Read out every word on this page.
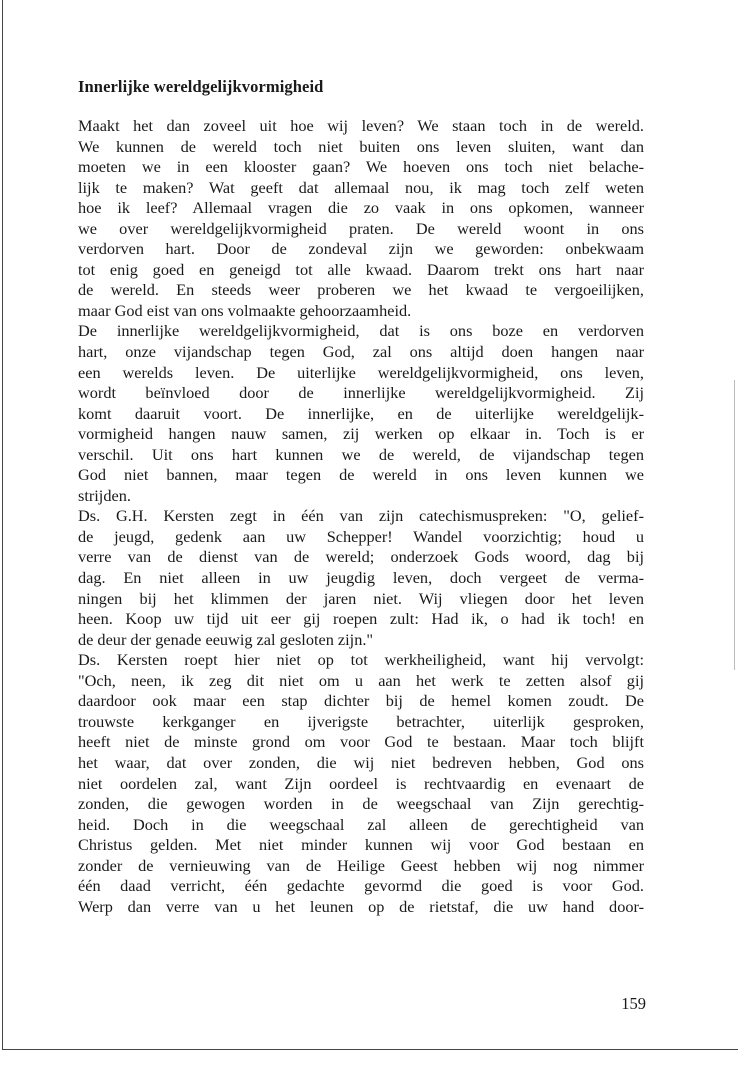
Innerlijke wereldgelijkvormigheid
Maakt het dan zoveel uit hoe wij leven? We staan toch in de wereld.
We kunnen de wereld toch niet buiten ons leven sluiten, want dan
moeten we in een klooster gaan? We hoeven ons toch niet belache-
lijk te maken? Wat geeft dat allemaal nou, ik mag toch zelf weten
hoe ik leef? Allemaal vragen die zo vaak in ons opkomen, wanneer
we over wereldgelijkvormigheid praten. De wereld woont in ons
verdorven hart. Door de zondeval zijn we geworden: onbekwaam
tot enig goed en geneigd tot alle kwaad. Daarom trekt ons hart naar
de wereld. En steeds weer proberen we het kwaad te vergoeilijken,
maar God eist van ons volmaakte gehoorzaamheid.
De innerlijke wereldgelijkvormigheid, dat is ons boze en verdorven
hart, onze vijandschap tegen God, zal ons altijd doen hangen naar
een werelds leven. De uiterlijke wereldgelijkvormigheid, ons leven,
wordt beïnvloed door de innerlijke wereldgelijkvormigheid. Zij
komt daaruit voort. De innerlijke, en de uiterlijke wereldgelijk-
vormigheid hangen nauw samen, zij werken op elkaar in. Toch is er
verschil. Uit ons hart kunnen we de wereld, de vijandschap tegen
God niet bannen, maar tegen de wereld in ons leven kunnen we
strijden.
Ds. G.H. Kersten zegt in één van zijn catechismuspreken: "O, gelief-
de jeugd, gedenk aan uw Schepper! Wandel voorzichtig; houd u
verre van de dienst van de wereld; onderzoek Gods woord, dag bij
dag. En niet alleen in uw jeugdig leven, doch vergeet de verma-
ningen bij het klimmen der jaren niet. Wij vliegen door het leven
heen. Koop uw tijd uit eer gij roepen zult: Had ik, o had ik toch! en
de deur der genade eeuwig zal gesloten zijn."
Ds. Kersten roept hier niet op tot werkheiligheid, want hij vervolgt:
"Och, neen, ik zeg dit niet om u aan het werk te zetten alsof gij
daardoor ook maar een stap dichter bij de hemel komen zoudt. De
trouwste kerkganger en ijverigste betrachter, uiterlijk gesproken,
heeft niet de minste grond om voor God te bestaan. Maar toch blijft
het waar, dat over zonden, die wij niet bedreven hebben, God ons
niet oordelen zal, want Zijn oordeel is rechtvaardig en evenaart de
zonden, die gewogen worden in de weegschaal van Zijn gerechtig-
heid. Doch in die weegschaal zal alleen de gerechtigheid van
Christus gelden. Met niet minder kunnen wij voor God bestaan en
zonder de vernieuwing van de Heilige Geest hebben wij nog nimmer
één daad verricht, één gedachte gevormd die goed is voor God.
Werp dan verre van u het leunen op de rietstaf, die uw hand door-
159
